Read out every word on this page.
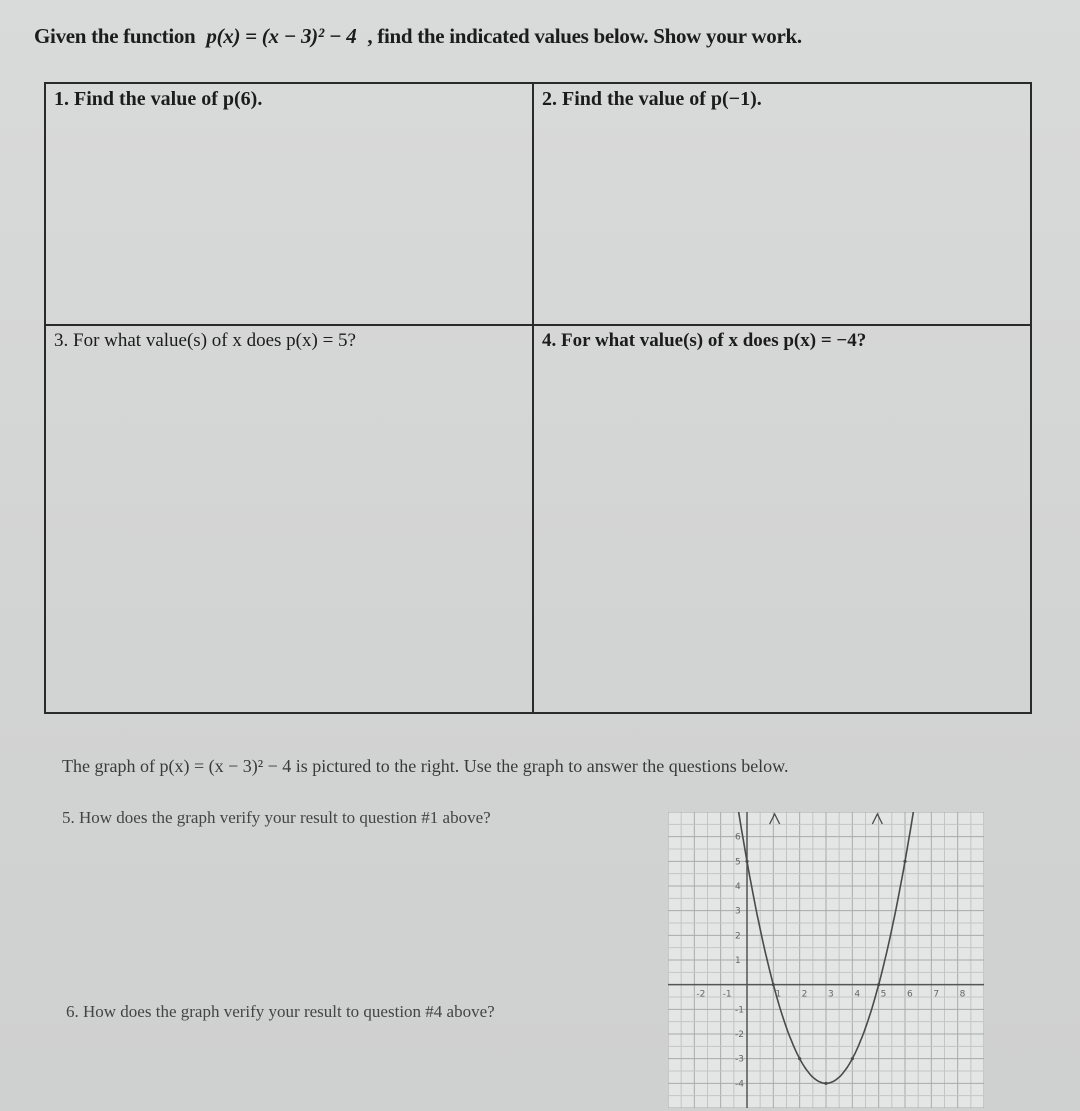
Given the function p(x) = (x − 3)² − 4 , find the indicated values below. Show your work.
1. Find the value of p(6).	2. Find the value of p(−1).
3. For what value(s) of x does p(x) = 5?	4. For what value(s) of x does p(x) = −4?
The graph of p(x) = (x − 3)² − 4 is pictured to the right. Use the graph to answer the questions below.
5. How does the graph verify your result to question #1 above?
6. How does the graph verify your result to question #4 above?
-2 -1	1 2 3 4 5 6 7 8
6
5
4
3
2
1
-1
-2
-3
-4
